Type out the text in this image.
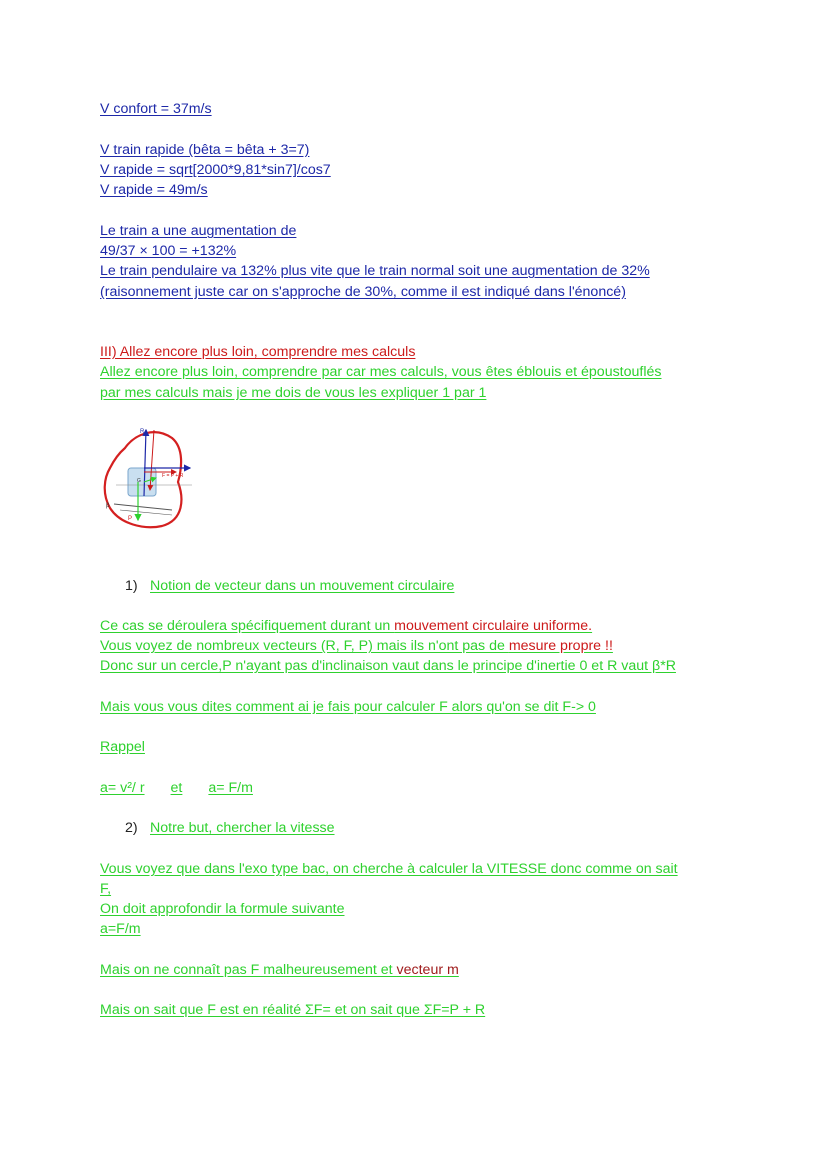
V confort = 37m/s
V train rapide (bêta = bêta + 3=7)
V rapide = sqrt[2000*9,81*sin7]/cos7
V rapide = 49m/s
Le train a une augmentation de
49/37 × 100 = +132%
Le train pendulaire va 132% plus vite que le train normal soit une augmentation de 32%
(raisonnement juste car on s'approche de 30%, comme il est indiqué dans l'énoncé)
III) Allez encore plus loin, comprendre mes calculs
Allez encore plus loin, comprendre par car mes calculs, vous êtes éblouis et époustouflés
par mes calculs mais je me dois de vous les expliquer 1 par 1
R
F = P + R
G
β
P
1) Notion de vecteur dans un mouvement circulaire
Ce cas se déroulera spécifiquement durant un mouvement circulaire uniforme.
Vous voyez de nombreux vecteurs (R, F, P) mais ils n'ont pas de mesure propre !!
Donc sur un cercle,P n'ayant pas d'inclinaison vaut dans le principe d'inertie 0 et R vaut β*R
Mais vous vous dites comment ai je fais pour calculer F alors qu'on se dit F-> 0
Rappel
a= v²/ r et a= F/m
2) Notre but, chercher la vitesse
Vous voyez que dans l'exo type bac, on cherche à calculer la VITESSE donc comme on sait
F,
On doit approfondir la formule suivante
a=F/m
Mais on ne connaît pas F malheureusement et vecteur m
Mais on sait que F est en réalité ΣF= et on sait que ΣF=P + R
